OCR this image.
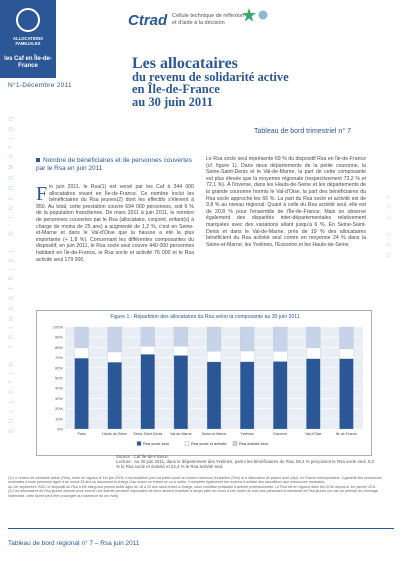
ALLOCATIONS FAMILIALES
les Caf en Île-de-France
Ctrad Cellule technique de réflexion
et d'aide à la décision
N°1-Décembre 2011
BULLETIN TRIMESTRIEL D'INFORMATION	DES CAF
Les allocataires
du revenu de solidarité active
en Île-de-France
au 30 juin 2011
Tableau de bord trimestriel n° 7
Nombre de bénéficiaires et de personnes couvertes par le Rsa en juin 2011
Fin juin 2011, le Rsa(1) est versé par les Caf à 344 000 allocataires vivant en Île-de-France. Ce nombre inclut les bénéficiaires du Rsa jeunes(2) dont les effectifs s'élèvent à 950. Au total, cette prestation couvre 694 000 personnes, soit 6 % de la population francilienne. De mars 2011 à juin 2011, le nombre de personnes couvertes par le Rsa (allocataire, conjoint, enfant(s) à charge de moins de 25 ans) a augmenté de 1,2 %, c'est en Seine-et-Marne et dans le Val-d'Oise que la hausse a été la plus importante (+ 1,8 %). Concernant les différentes composantes du dispositif, en juin 2011, le Rsa socle seul couvre 440 000 personnes habitant en Île-de-France, le Rsa socle et activité 76 000 et le Rsa activité seul 179 000.
Le Rsa socle seul représente 69 % du dispositif Rsa en Île-de-France (cf. figure 1). Dans deux départements de la petite couronne, la Seine-Saint-Denis et le Val-de-Marne, la part de cette composante est plus élevée que la moyenne régionale (respectivement 73,2 % et 72,1 %). À l'inverse, dans les Hauts-de-Seine et les départements de la grande couronne hormis le Val-d'Oise, la part des bénéficiaires du Rsa socle approche les 66 %. La part du Rsa socle et activité est de 9,8 % au niveau régional. Quant à celle du Rsa activité seul, elle est de 20,8 % pour l'ensemble de l'Île-de-France. Mais on observe également des disparités inter-départementales relativement marquées avec des variations allant jusqu'à 6 %. En Seine-Saint-Denis et dans le Val-de-Marne, près de 19 % des allocataires bénéficient du Rsa activité seul contre en moyenne 24 % dans la Seine-et-Marne, les Yvelines, l'Essonne et les Hauts-de-Seine.
Figure 1 : Répartition des allocataires du Rsa selon la composante au 30 juin 2011
0%
10%
20%
30%
40%
50%
60%
70%
80%
90%
100%
Paris	Hauts-de-Seine Seine-Saint-Denis Val-de-Marne	Seine-et-Marne	Yvelines	Essonne	Val-d'Oise	Île-de-France
Rsa socle seul	Rsa socle et activité	Rsa activité seul
Source : Caf Île-de-France.
Lecture : au 30 juin 2011, dans le département des Yvelines, parmi les bénéficiaires du Rsa, 66,4 % perçoivent le Rsa socle seul, 9,2 % le Rsa socle et activité et 24,4 % le Rsa activité seul.
(1) Le revenu de solidarité active (Rsa), entré en vigueur le 1er juin 2009, s'est substitué pour sa partie socle au revenu minimum d'insertion (Rmi) et à l'allocation de parent isolé (Api), en France métropolitaine. Il garantit des ressources minimales à toute personne âgée d'au moins 25 ans ou assumant la charge d'au moins un enfant né ou à naître, il complète également les revenus d'activité des travailleurs aux ressources modestes.
Au 1er septembre 2010, le dispositif du Rsa a été élargi aux jeunes actifs âgés de 18 à 25 ans sans enfant à charge, sous condition préalable d'activité professionnelle. Le Rsa est en vigueur dans les DOM depuis le 1er janvier 2011.
(2) Les allocataires du Rsa jeunes doivent avoir exercé une activité pendant l'équivalent de deux années d'activité à temps plein au cours d'une durée de trois ans précédant la demande de Rsa jeunes (en cas de période de chômage indemnisé, cette durée peut être prolongée au maximum de six mois).
Tableau de bord régional n° 7 – Rsa juin 2011
